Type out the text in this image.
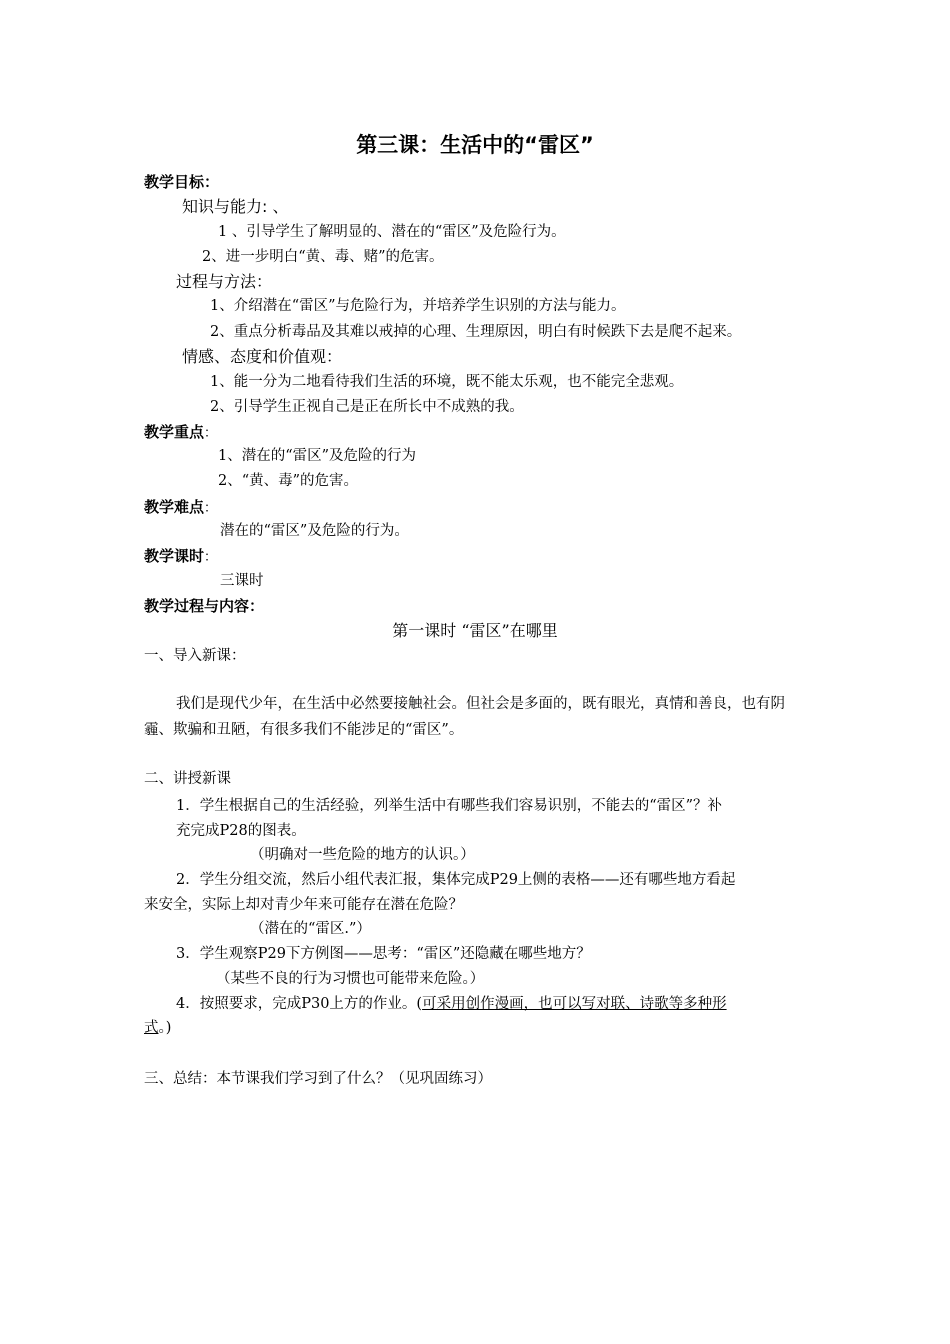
第三课：生活中的“雷区”
教学目标：
知识与能力: 、
1 、引导学生了解明显的、潜在的“雷区”及危险行为。
2、进一步明白“黄、毒、赌”的危害。
过程与方法：
1、介绍潜在“雷区”与危险行为，并培养学生识别的方法与能力。
2、重点分析毒品及其难以戒掉的心理、生理原因，明白有时候跌下去是爬不起来。
情感、态度和价值观：
1、能一分为二地看待我们生活的环境，既不能太乐观，也不能完全悲观。
2、引导学生正视自己是正在所长中不成熟的我。
教学重点：
1、潜在的“雷区”及危险的行为
2、“黄、毒”的危害。
教学难点：
潜在的“雷区”及危险的行为。
教学课时：
三课时
教学过程与内容：
第一课时 “雷区”在哪里
一、导入新课：
我们是现代少年，在生活中必然要接触社会。但社会是多面的，既有眼光，真情和善良，也有阴霾、欺骗和丑陋，有很多我们不能涉足的“雷区”。
二、讲授新课
1．学生根据自己的生活经验，列举生活中有哪些我们容易识别，不能去的“雷区”？补
充完成P28的图表。
（明确对一些危险的地方的认识。）
2．学生分组交流，然后小组代表汇报，集体完成P29上侧的表格——还有哪些地方看起
来安全，实际上却对青少年来可能存在潜在危险？
（潜在的“雷区.”）
3．学生观察P29下方例图——思考：“雷区”还隐藏在哪些地方？
（某些不良的行为习惯也可能带来危险。）
4．按照要求，完成P30上方的作业。(可采用创作漫画，也可以写对联、诗歌等多种形
式。)
三、总结：本节课我们学习到了什么？（见巩固练习）
